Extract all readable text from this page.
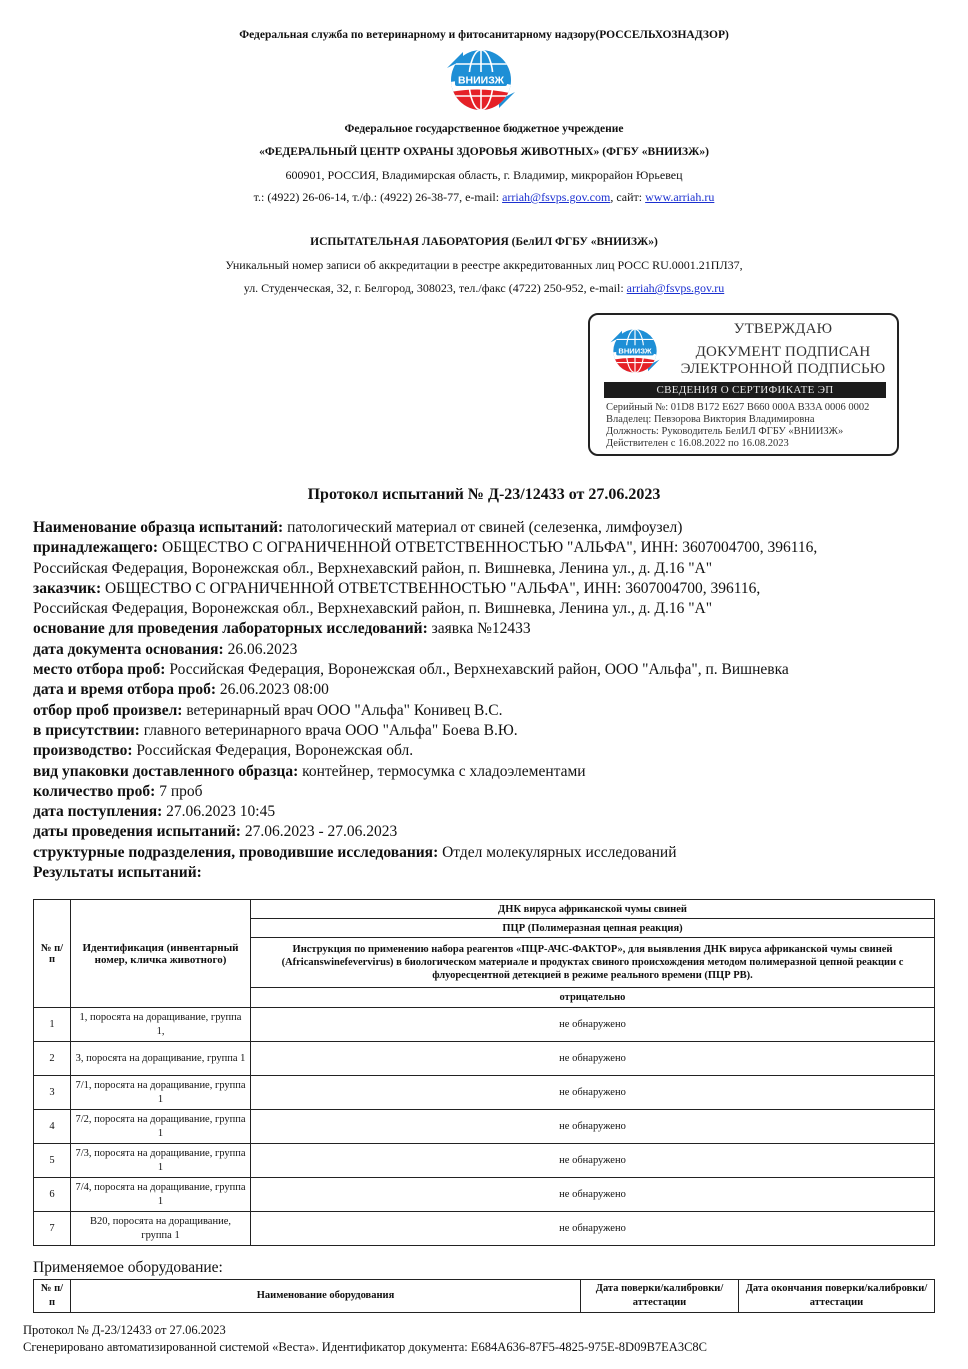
Федеральная служба по ветеринарному и фитосанитарному надзору(РОССЕЛЬХОЗНАДЗОР)
ВНИИЗЖ
Федеральное государственное бюджетное учреждение
«ФЕДЕРАЛЬНЫЙ ЦЕНТР ОХРАНЫ ЗДОРОВЬЯ ЖИВОТНЫХ» (ФГБУ «ВНИИЗЖ»)
600901, РОССИЯ, Владимирская область, г. Владимир, микрорайон Юрьевец
т.: (4922) 26-06-14, т./ф.: (4922) 26-38-77, e-mail: arriah@fsvps.gov.com, сайт: www.arriah.ru
ИСПЫТАТЕЛЬНАЯ ЛАБОРАТОРИЯ (БелИЛ ФГБУ «ВНИИЗЖ»)
Уникальный номер записи об аккредитации в реестре аккредитованных лиц РОСС RU.0001.21ПЛ37,
ул. Студенческая, 32, г. Белгород, 308023, тел./факс (4722) 250-952, e-mail: arriah@fsvps.gov.ru
ВНИИЗЖ
УТВЕРЖДАЮ
ДОКУМЕНТ ПОДПИСАН
ЭЛЕКТРОННОЙ ПОДПИСЬЮ
СВЕДЕНИЯ О СЕРТИФИКАТЕ ЭП
Серийный №: 01D8 B172 E627 B660 000A B33A 0006 0002
Владелец: Певзорова Виктория Владимировна
Должность: Руководитель БелИЛ ФГБУ «ВНИИЗЖ»
Действителен с 16.08.2022 по 16.08.2023
Протокол испытаний № Д-23/12433 от 27.06.2023
Наименование образца испытаний: патологический материал от свиней (селезенка, лимфоузел)
принадлежащего: ОБЩЕСТВО С ОГРАНИЧЕННОЙ ОТВЕТСТВЕННОСТЬЮ "АЛЬФА", ИНН: 3607004700, 396116,
Российская Федерация, Воронежская обл., Верхнехавский район, п. Вишневка, Ленина ул., д. Д.16 "А"
заказчик: ОБЩЕСТВО С ОГРАНИЧЕННОЙ ОТВЕТСТВЕННОСТЬЮ "АЛЬФА", ИНН: 3607004700, 396116,
Российская Федерация, Воронежская обл., Верхнехавский район, п. Вишневка, Ленина ул., д. Д.16 "А"
основание для проведения лабораторных исследований: заявка №12433
дата документа основания: 26.06.2023
место отбора проб: Российская Федерация, Воронежская обл., Верхнехавский район, ООО "Альфа", п. Вишневка
дата и время отбора проб: 26.06.2023 08:00
отбор проб произвел: ветеринарный врач ООО "Альфа" Конивец В.С.
в присутствии: главного ветеринарного врача ООО "Альфа" Боева В.Ю.
производство: Российская Федерация, Воронежская обл.
вид упаковки доставленного образца: контейнер, термосумка с хладоэлементами
количество проб: 7 проб
дата поступления: 27.06.2023 10:45
даты проведения испытаний: 27.06.2023 - 27.06.2023
структурные подразделения, проводившие исследования: Отдел молекулярных исследований
Результаты испытаний:
№ п/п	Идентификация (инвентарный номер, кличка животного)	ДНК вируса африканской чумы свиней
		ПЦР (Полимеразная цепная реакция)
		Инструкция по применению набора реагентов «ПЦР-АЧС-ФАКТОР», для выявления ДНК вируса африканской чумы свиней (Africanswinefevervirus) в биологическом материале и продуктах свиного происхождения методом полимеразной цепной реакции с флуоресцентной детекцией в режиме реального времени (ПЦР РВ).
		отрицательно
1	1, поросята на доращивание, группа 1,	не обнаружено
2	3, поросята на доращивание, группа 1	не обнаружено
3	7/1, поросята на доращивание, группа 1	не обнаружено
4	7/2, поросята на доращивание, группа 1	не обнаружено
5	7/3, поросята на доращивание, группа 1	не обнаружено
6	7/4, поросята на доращивание, группа 1	не обнаружено
7	В20, поросята на доращивание, группа 1	не обнаружено
Применяемое оборудование:
№ п/п	Наименование оборудования	Дата поверки/калибровки/аттестации	Дата окончания поверки/калибровки/аттестации
Протокол № Д-23/12433 от 27.06.2023
Сгенерировано автоматизированной системой «Веста». Идентификатор документа: E684A636-87F5-4825-975E-8D09B7EA3C8C
